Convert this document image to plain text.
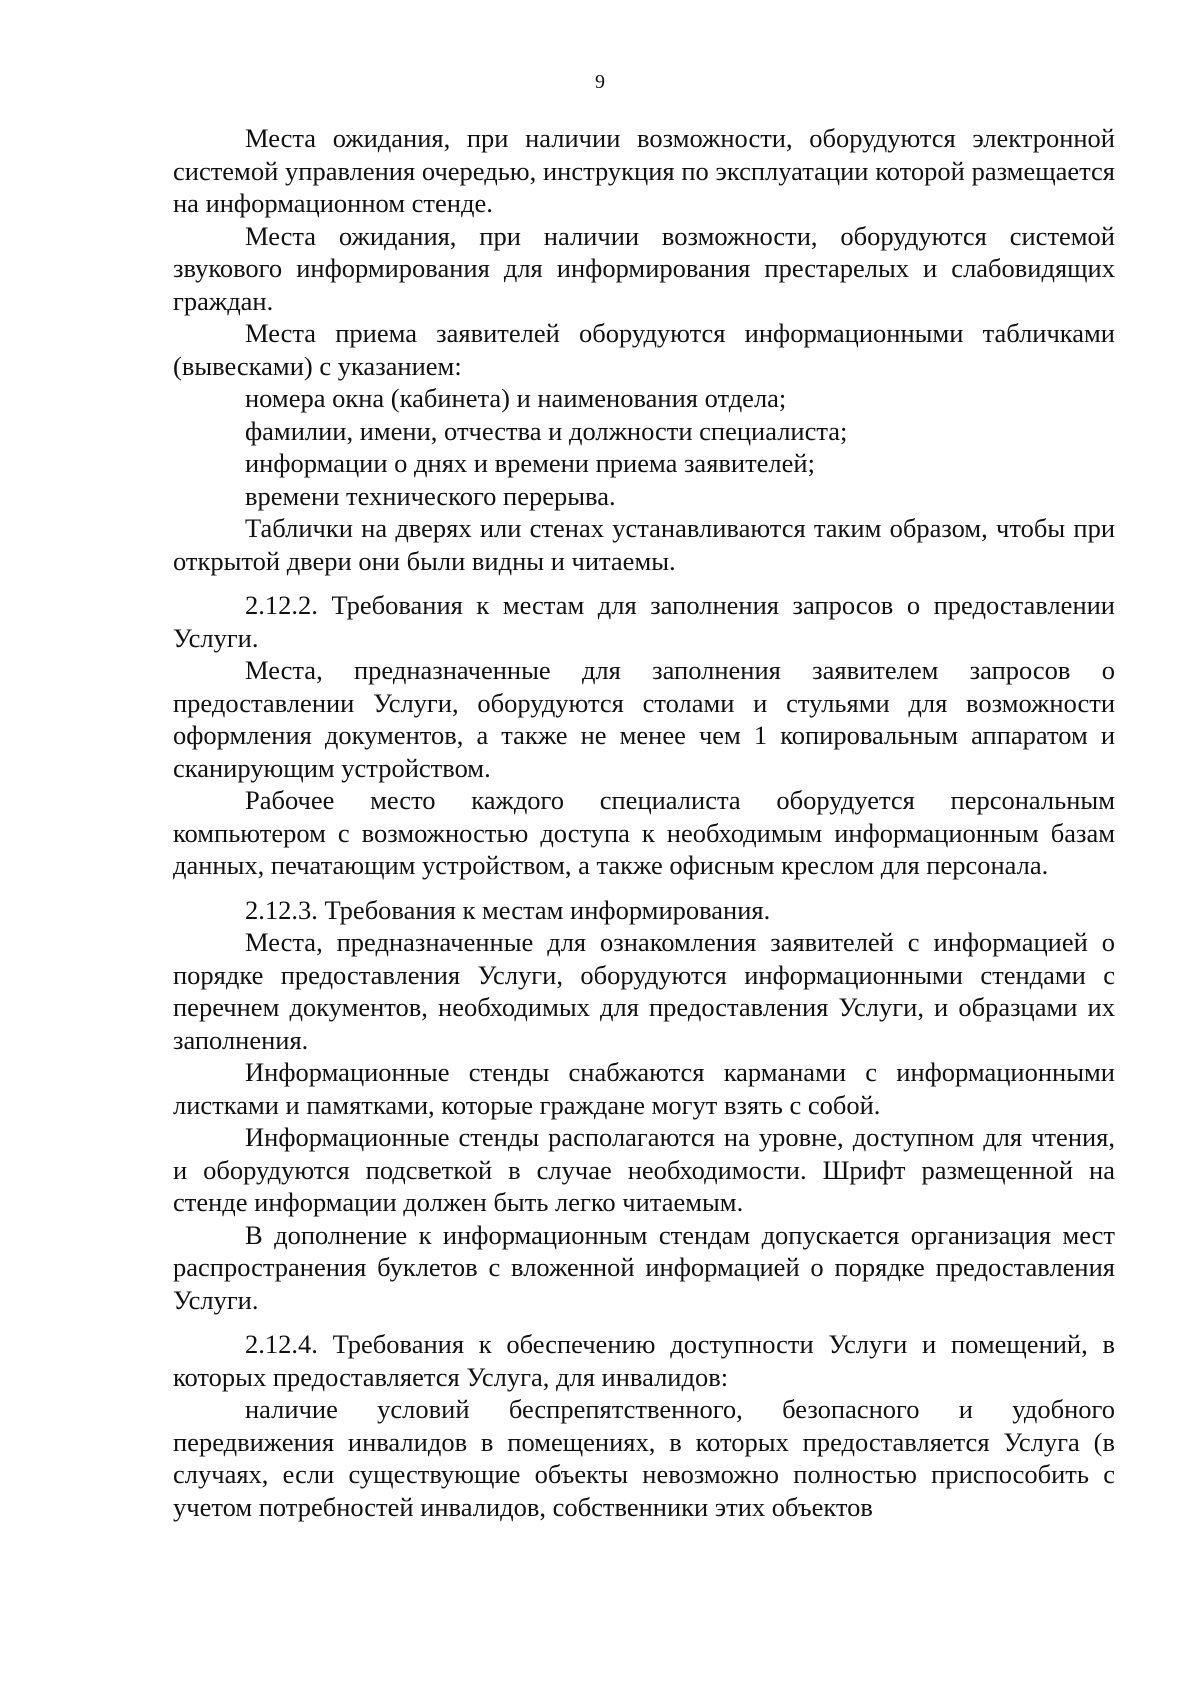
9

Места ожидания, при наличии возможности, оборудуются электронной системой управления очередью, инструкция по эксплуатации которой размещается на информационном стенде.

Места ожидания, при наличии возможности, оборудуются системой звукового информирования для информирования престарелых и слабовидящих граждан.

Места приема заявителей оборудуются информационными табличками (вывесками) с указанием:

номера окна (кабинета) и наименования отдела;

фамилии, имени, отчества и должности специалиста;

информации о днях и времени приема заявителей;

времени технического перерыва.

Таблички на дверях или стенах устанавливаются таким образом, чтобы при открытой двери они были видны и читаемы.

2.12.2. Требования к местам для заполнения запросов о предоставлении Услуги.

Места, предназначенные для заполнения заявителем запросов о предоставлении Услуги, оборудуются столами и стульями для возможности оформления документов, а также не менее чем 1 копировальным аппаратом и сканирующим устройством.

Рабочее место каждого специалиста оборудуется персональным компьютером с возможностью доступа к необходимым информационным базам данных, печатающим устройством, а также офисным креслом для персонала.

2.12.3. Требования к местам информирования.

Места, предназначенные для ознакомления заявителей с информацией о порядке предоставления Услуги, оборудуются информационными стендами с перечнем документов, необходимых для предоставления Услуги, и образцами их заполнения.

Информационные стенды снабжаются карманами с информационными листками и памятками, которые граждане могут взять с собой.

Информационные стенды располагаются на уровне, доступном для чтения, и оборудуются подсветкой в случае необходимости. Шрифт размещенной на стенде информации должен быть легко читаемым.

В дополнение к информационным стендам допускается организация мест распространения буклетов с вложенной информацией о порядке предоставления Услуги.

2.12.4. Требования к обеспечению доступности Услуги и помещений, в которых предоставляется Услуга, для инвалидов:

наличие условий беспрепятственного, безопасного и удобного передвижения инвалидов в помещениях, в которых предоставляется Услуга (в случаях, если существующие объекты невозможно полностью приспособить с учетом потребностей инвалидов, собственники этих объектов
